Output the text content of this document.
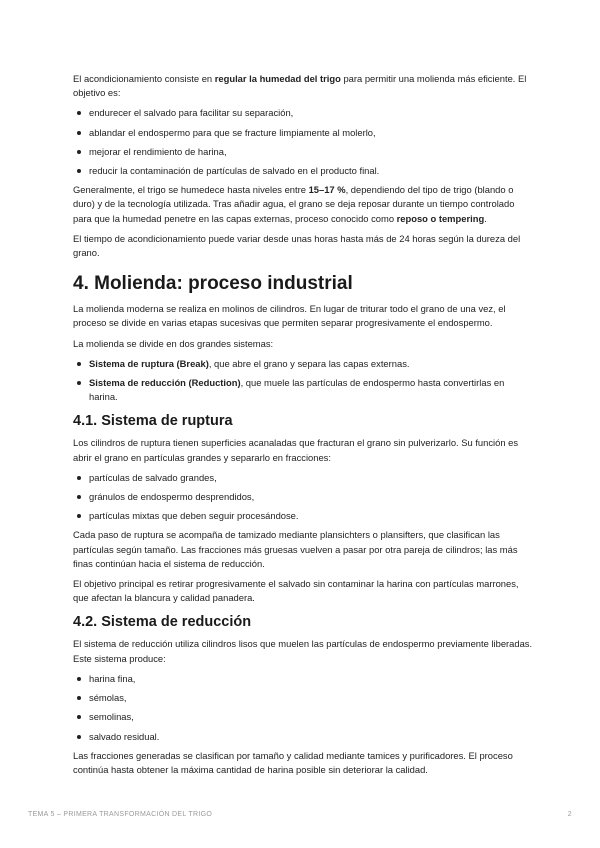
El acondicionamiento consiste en regular la humedad del trigo para permitir una molienda más eficiente. El objetivo es:

endurecer el salvado para facilitar su separación,
ablandar el endospermo para que se fracture limpiamente al molerlo,
mejorar el rendimiento de harina,
reducir la contaminación de partículas de salvado en el producto final.

Generalmente, el trigo se humedece hasta niveles entre 15–17 %, dependiendo del tipo de trigo (blando o duro) y de la tecnología utilizada. Tras añadir agua, el grano se deja reposar durante un tiempo controlado para que la humedad penetre en las capas externas, proceso conocido como reposo o tempering.

El tiempo de acondicionamiento puede variar desde unas horas hasta más de 24 horas según la dureza del grano.

4. Molienda: proceso industrial

La molienda moderna se realiza en molinos de cilindros. En lugar de triturar todo el grano de una vez, el proceso se divide en varias etapas sucesivas que permiten separar progresivamente el endospermo.

La molienda se divide en dos grandes sistemas:

Sistema de ruptura (Break), que abre el grano y separa las capas externas.
Sistema de reducción (Reduction), que muele las partículas de endospermo hasta convertirlas en harina.
4.1. Sistema de ruptura

Los cilindros de ruptura tienen superficies acanaladas que fracturan el grano sin pulverizarlo. Su función es abrir el grano en partículas grandes y separarlo en fracciones:

partículas de salvado grandes,
gránulos de endospermo desprendidos,
partículas mixtas que deben seguir procesándose.

Cada paso de ruptura se acompaña de tamizado mediante plansichters o plansifters, que clasifican las partículas según tamaño. Las fracciones más gruesas vuelven a pasar por otra pareja de cilindros; las más finas continúan hacia el sistema de reducción.

El objetivo principal es retirar progresivamente el salvado sin contaminar la harina con partículas marrones, que afectan la blancura y calidad panadera.

4.2. Sistema de reducción

El sistema de reducción utiliza cilindros lisos que muelen las partículas de endospermo previamente liberadas. Este sistema produce:

harina fina,
sémolas,
semolinas,
salvado residual.

Las fracciones generadas se clasifican por tamaño y calidad mediante tamices y purificadores. El proceso continúa hasta obtener la máxima cantidad de harina posible sin deteriorar la calidad.

TEMA 5 – PRIMERA TRANSFORMACIÓN DEL TRIGO	2
